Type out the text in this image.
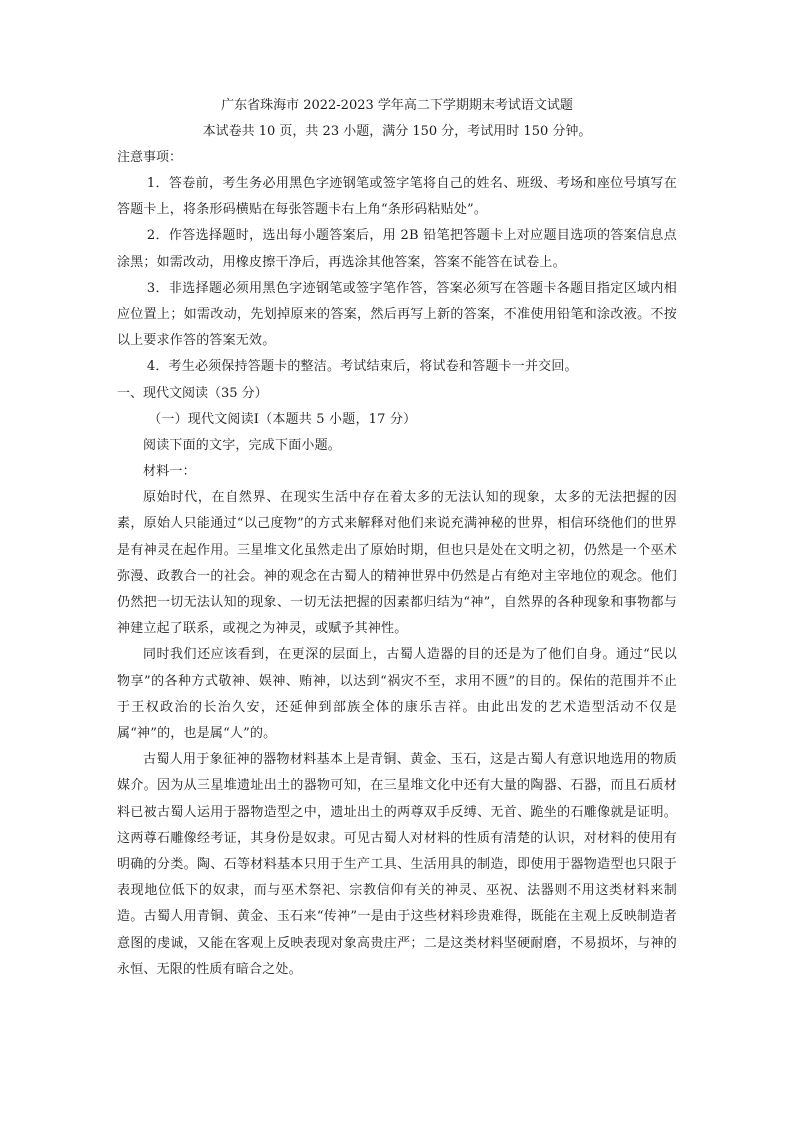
广东省珠海市 2022-2023 学年高二下学期期末考试语文试题

本试卷共 10 页，共 23 小题，满分 150 分，考试用时 150 分钟。

注意事项：

1．答卷前，考生务必用黑色字迹钢笔或签字笔将自己的姓名、班级、考场和座位号填写在答题卡上，将条形码横贴在每张答题卡右上角“条形码粘贴处”。

2．作答选择题时，选出每小题答案后，用 2B 铅笔把答题卡上对应题目选项的答案信息点涂黑；如需改动，用橡皮擦干净后，再选涂其他答案，答案不能答在试卷上。

3．非选择题必须用黑色字迹钢笔或签字笔作答，答案必须写在答题卡各题目指定区域内相应位置上；如需改动，先划掉原来的答案，然后再写上新的答案，不准使用铅笔和涂改液。不按以上要求作答的答案无效。

4．考生必须保持答题卡的整洁。考试结束后，将试卷和答题卡一并交回。

一、现代文阅读（35 分）

（一）现代文阅读Ⅰ（本题共 5 小题，17 分）

阅读下面的文字，完成下面小题。

材料一：

原始时代，在自然界、在现实生活中存在着太多的无法认知的现象，太多的无法把握的因素，原始人只能通过“以己度物”的方式来解释对他们来说充满神秘的世界，相信环绕他们的世界是有神灵在起作用。三星堆文化虽然走出了原始时期，但也只是处在文明之初，仍然是一个巫术弥漫、政教合一的社会。神的观念在古蜀人的精神世界中仍然是占有绝对主宰地位的观念。他们仍然把一切无法认知的现象、一切无法把握的因素都归结为“神”，自然界的各种现象和事物都与神建立起了联系，或视之为神灵，或赋予其神性。

同时我们还应该看到，在更深的层面上，古蜀人造器的目的还是为了他们自身。通过“民以物享”的各种方式敬神、娱神、贿神，以达到“祸灾不至，求用不匮”的目的。保佑的范围并不止于王权政治的长治久安，还延伸到部族全体的康乐吉祥。由此出发的艺术造型活动不仅是属“神”的，也是属“人”的。

古蜀人用于象征神的器物材料基本上是青铜、黄金、玉石，这是古蜀人有意识地选用的物质媒介。因为从三星堆遗址出土的器物可知，在三星堆文化中还有大量的陶器、石器，而且石质材料已被古蜀人运用于器物造型之中，遗址出土的两尊双手反缚、无首、跪坐的石雕像就是证明。这两尊石雕像经考证，其身份是奴隶。可见古蜀人对材料的性质有清楚的认识，对材料的使用有明确的分类。陶、石等材料基本只用于生产工具、生活用具的制造，即使用于器物造型也只限于表现地位低下的奴隶，而与巫术祭祀、宗教信仰有关的神灵、巫祝、法器则不用这类材料来制造。古蜀人用青铜、黄金、玉石来“传神”一是由于这些材料珍贵难得，既能在主观上反映制造者意图的虔诚，又能在客观上反映表现对象高贵庄严；二是这类材料坚硬耐磨，不易损坏，与神的永恒、无限的性质有暗合之处。
